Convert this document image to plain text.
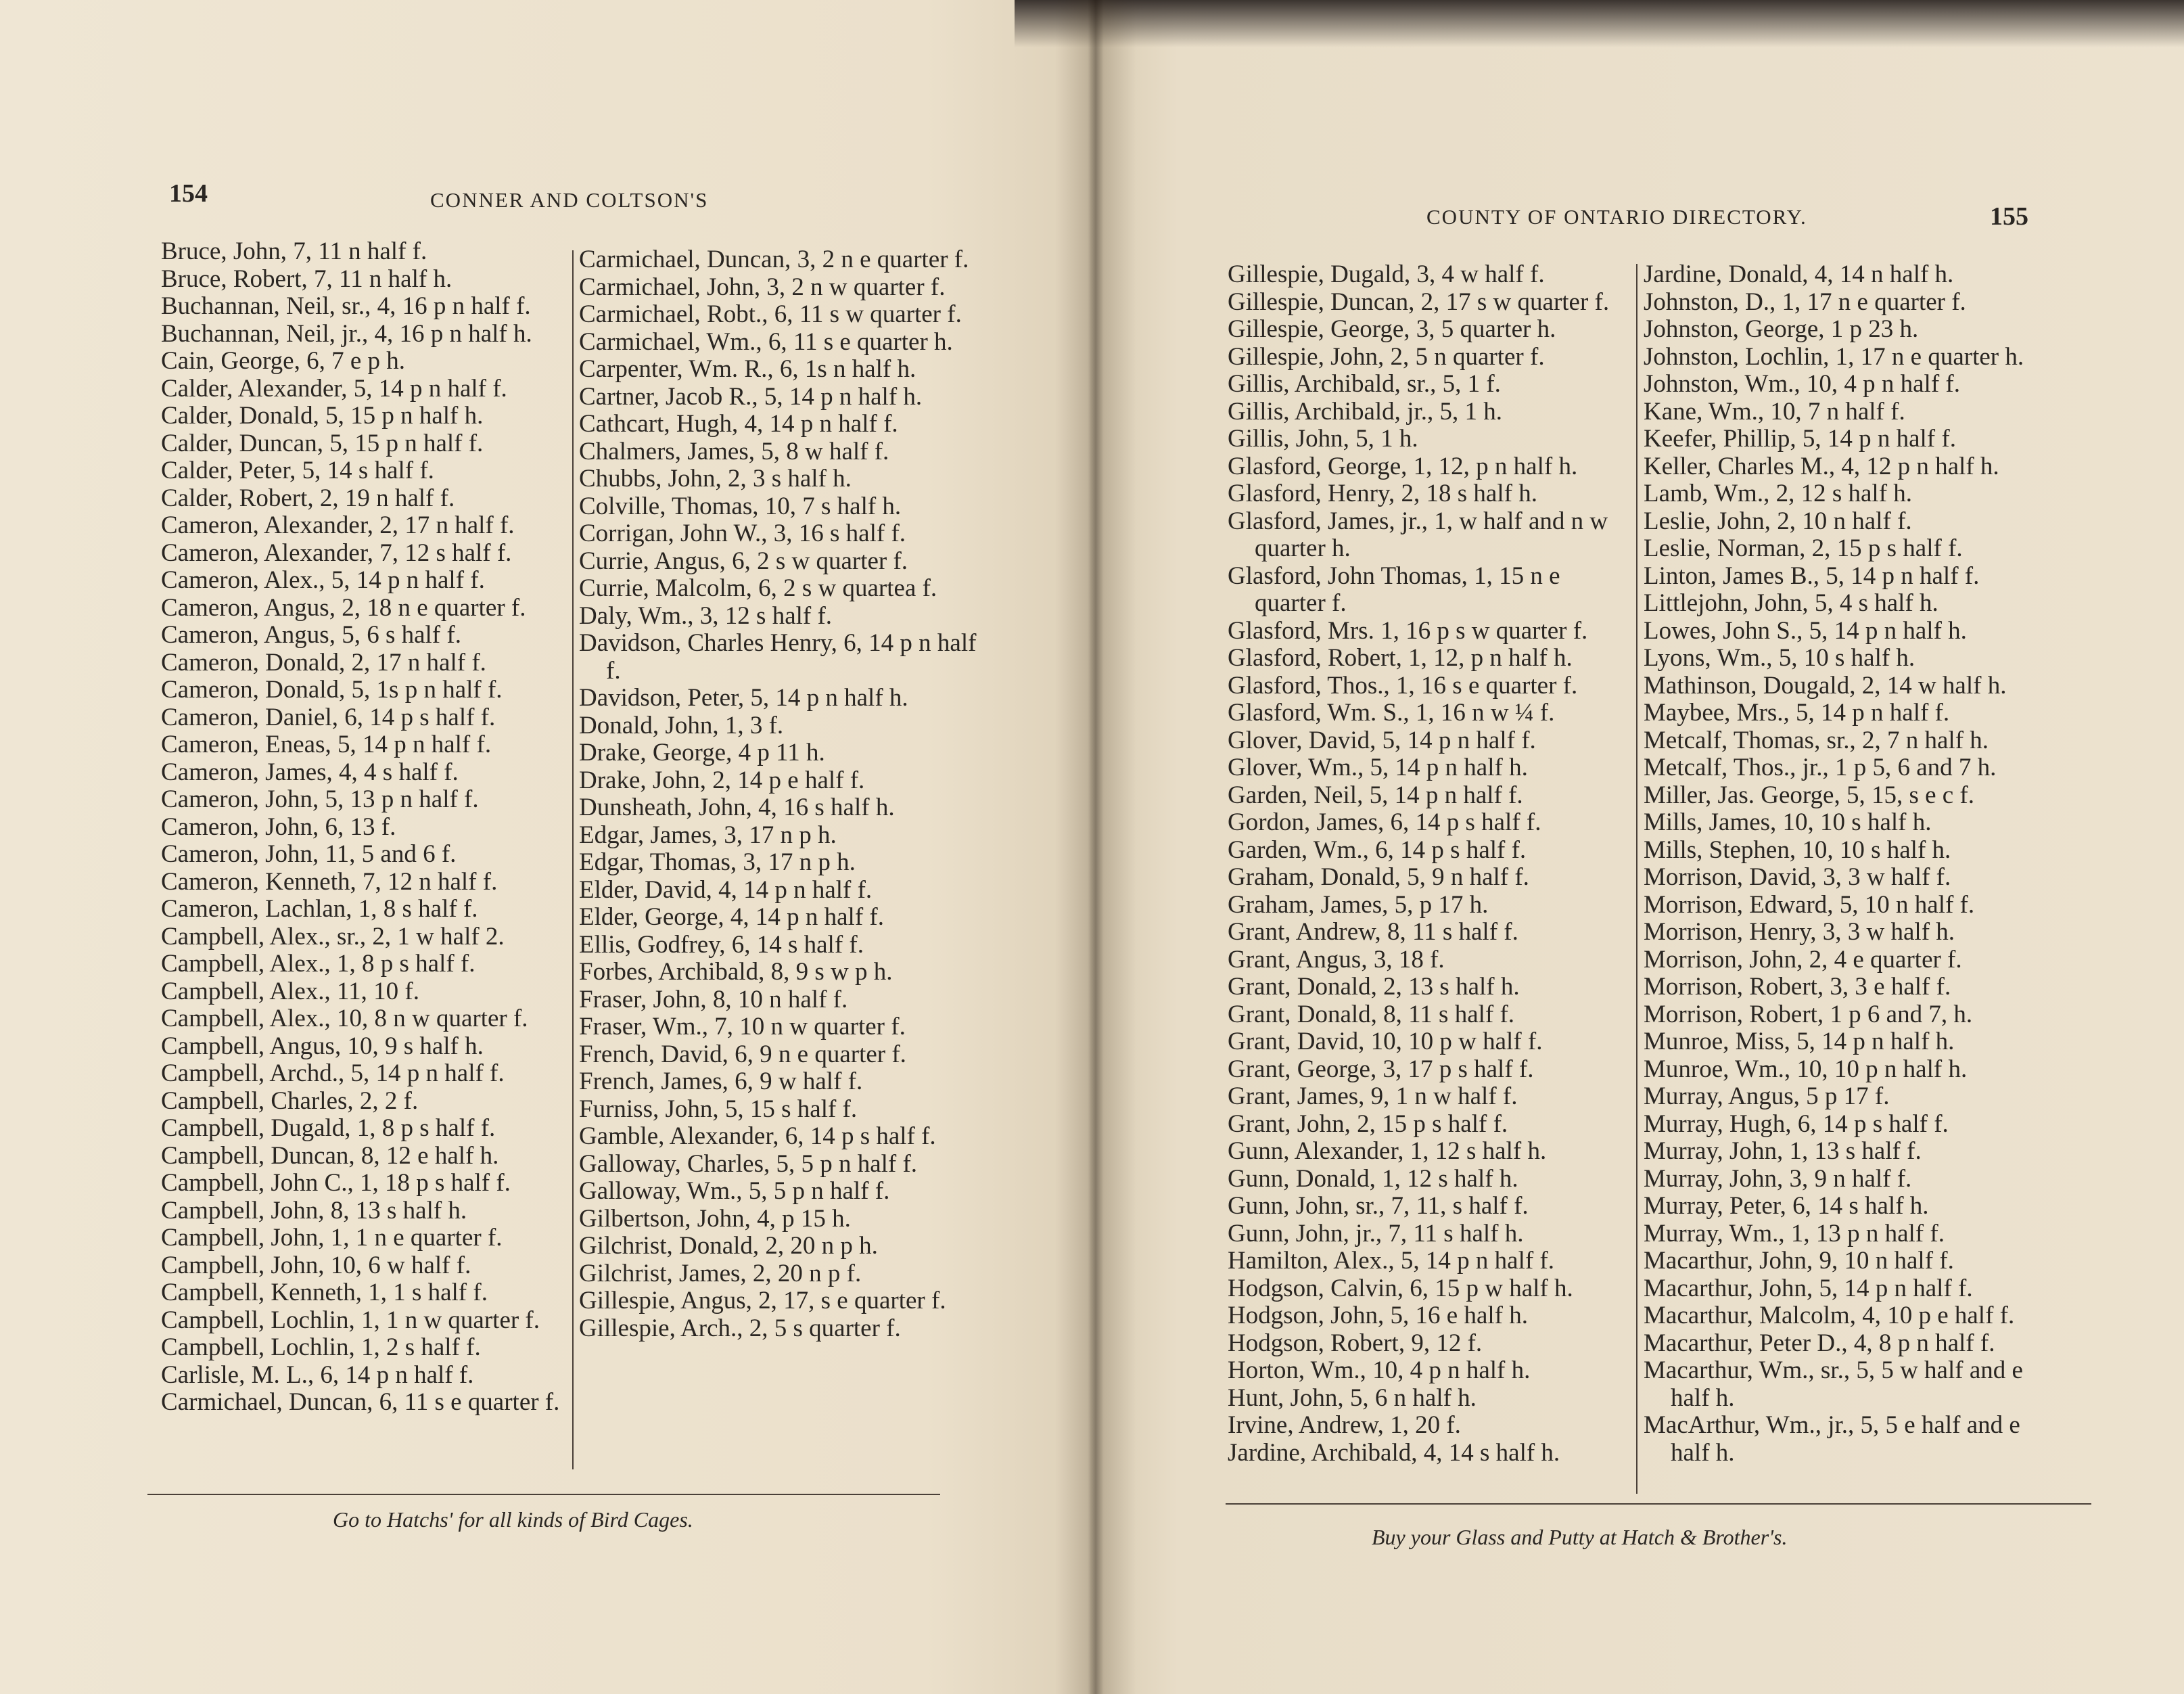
154	CONNER AND COLTSON'S
Bruce, John, 7, 11 n half f.
Bruce, Robert, 7, 11 n half h.
Buchannan, Neil, sr., 4, 16 p n half f.
Buchannan, Neil, jr., 4, 16 p n half h.
Cain, George, 6, 7 e p h.
Calder, Alexander, 5, 14 p n half f.
Calder, Donald, 5, 15 p n half h.
Calder, Duncan, 5, 15 p n half f.
Calder, Peter, 5, 14 s half f.
Calder, Robert, 2, 19 n half f.
Cameron, Alexander, 2, 17 n half f.
Cameron, Alexander, 7, 12 s half f.
Cameron, Alex., 5, 14 p n half f.
Cameron, Angus, 2, 18 n e quarter f.
Cameron, Angus, 5, 6 s half f.
Cameron, Donald, 2, 17 n half f.
Cameron, Donald, 5, 1s p n half f.
Cameron, Daniel, 6, 14 p s half f.
Cameron, Eneas, 5, 14 p n half f.
Cameron, James, 4, 4 s half f.
Cameron, John, 5, 13 p n half f.
Cameron, John, 6, 13 f.
Cameron, John, 11, 5 and 6 f.
Cameron, Kenneth, 7, 12 n half f.
Cameron, Lachlan, 1, 8 s half f.
Campbell, Alex., sr., 2, 1 w half 2.
Campbell, Alex., 1, 8 p s half f.
Campbell, Alex., 11, 10 f.
Campbell, Alex., 10, 8 n w quarter f.
Campbell, Angus, 10, 9 s half h.
Campbell, Archd., 5, 14 p n half f.
Campbell, Charles, 2, 2 f.
Campbell, Dugald, 1, 8 p s half f.
Campbell, Duncan, 8, 12 e half h.
Campbell, John C., 1, 18 p s half f.
Campbell, John, 8, 13 s half h.
Campbell, John, 1, 1 n e quarter f.
Campbell, John, 10, 6 w half f.
Campbell, Kenneth, 1, 1 s half f.
Campbell, Lochlin, 1, 1 n w quarter f.
Campbell, Lochlin, 1, 2 s half f.
Carlisle, M. L., 6, 14 p n half f.
Carmichael, Duncan, 6, 11 s e quarter f.
Carmichael, Duncan, 3, 2 n e quarter f.
Carmichael, John, 3, 2 n w quarter f.
Carmichael, Robt., 6, 11 s w quarter f.
Carmichael, Wm., 6, 11 s e quarter h.
Carpenter, Wm. R., 6, 1s n half h.
Cartner, Jacob R., 5, 14 p n half h.
Cathcart, Hugh, 4, 14 p n half f.
Chalmers, James, 5, 8 w half f.
Chubbs, John, 2, 3 s half h.
Colville, Thomas, 10, 7 s half h.
Corrigan, John W., 3, 16 s half f.
Currie, Angus, 6, 2 s w quarter f.
Currie, Malcolm, 6, 2 s w quartea f.
Daly, Wm., 3, 12 s half f.
Davidson, Charles Henry, 6, 14 p n half f.
Davidson, Peter, 5, 14 p n half h.
Donald, John, 1, 3 f.
Drake, George, 4 p 11 h.
Drake, John, 2, 14 p e half f.
Dunsheath, John, 4, 16 s half h.
Edgar, James, 3, 17 n p h.
Edgar, Thomas, 3, 17 n p h.
Elder, David, 4, 14 p n half f.
Elder, George, 4, 14 p n half f.
Ellis, Godfrey, 6, 14 s half f.
Forbes, Archibald, 8, 9 s w p h.
Fraser, John, 8, 10 n half f.
Fraser, Wm., 7, 10 n w quarter f.
French, David, 6, 9 n e quarter f.
French, James, 6, 9 w half f.
Furniss, John, 5, 15 s half f.
Gamble, Alexander, 6, 14 p s half f.
Galloway, Charles, 5, 5 p n half f.
Galloway, Wm., 5, 5 p n half f.
Gilbertson, John, 4, p 15 h.
Gilchrist, Donald, 2, 20 n p h.
Gilchrist, James, 2, 20 n p f.
Gillespie, Angus, 2, 17, s e quarter f.
Gillespie, Arch., 2, 5 s quarter f.
Go to Hatchs' for all kinds of Bird Cages.
COUNTY OF ONTARIO DIRECTORY.	155
Gillespie, Dugald, 3, 4 w half f.
Gillespie, Duncan, 2, 17 s w quarter f.
Gillespie, George, 3, 5 quarter h.
Gillespie, John, 2, 5 n quarter f.
Gillis, Archibald, sr., 5, 1 f.
Gillis, Archibald, jr., 5, 1 h.
Gillis, John, 5, 1 h.
Glasford, George, 1, 12, p n half h.
Glasford, Henry, 2, 18 s half h.
Glasford, James, jr., 1, w half and n w quarter h.
Glasford, John Thomas, 1, 15 n e quarter f.
Glasford, Mrs. 1, 16 p s w quarter f.
Glasford, Robert, 1, 12, p n half h.
Glasford, Thos., 1, 16 s e quarter f.
Glasford, Wm. S., 1, 16 n w ¼ f.
Glover, David, 5, 14 p n half f.
Glover, Wm., 5, 14 p n half h.
Garden, Neil, 5, 14 p n half f.
Gordon, James, 6, 14 p s half f.
Garden, Wm., 6, 14 p s half f.
Graham, Donald, 5, 9 n half f.
Graham, James, 5, p 17 h.
Grant, Andrew, 8, 11 s half f.
Grant, Angus, 3, 18 f.
Grant, Donald, 2, 13 s half h.
Grant, Donald, 8, 11 s half f.
Grant, David, 10, 10 p w half f.
Grant, George, 3, 17 p s half f.
Grant, James, 9, 1 n w half f.
Grant, John, 2, 15 p s half f.
Gunn, Alexander, 1, 12 s half h.
Gunn, Donald, 1, 12 s half h.
Gunn, John, sr., 7, 11, s half f.
Gunn, John, jr., 7, 11 s half h.
Hamilton, Alex., 5, 14 p n half f.
Hodgson, Calvin, 6, 15 p w half h.
Hodgson, John, 5, 16 e half h.
Hodgson, Robert, 9, 12 f.
Horton, Wm., 10, 4 p n half h.
Hunt, John, 5, 6 n half h.
Irvine, Andrew, 1, 20 f.
Jardine, Archibald, 4, 14 s half h.
Jardine, Donald, 4, 14 n half h.
Johnston, D., 1, 17 n e quarter f.
Johnston, George, 1 p 23 h.
Johnston, Lochlin, 1, 17 n e quarter h.
Johnston, Wm., 10, 4 p n half f.
Kane, Wm., 10, 7 n half f.
Keefer, Phillip, 5, 14 p n half f.
Keller, Charles M., 4, 12 p n half h.
Lamb, Wm., 2, 12 s half h.
Leslie, John, 2, 10 n half f.
Leslie, Norman, 2, 15 p s half f.
Linton, James B., 5, 14 p n half f.
Littlejohn, John, 5, 4 s half h.
Lowes, John S., 5, 14 p n half h.
Lyons, Wm., 5, 10 s half h.
Mathinson, Dougald, 2, 14 w half h.
Maybee, Mrs., 5, 14 p n half f.
Metcalf, Thomas, sr., 2, 7 n half h.
Metcalf, Thos., jr., 1 p 5, 6 and 7 h.
Miller, Jas. George, 5, 15, s e c f.
Mills, James, 10, 10 s half h.
Mills, Stephen, 10, 10 s half h.
Morrison, David, 3, 3 w half f.
Morrison, Edward, 5, 10 n half f.
Morrison, Henry, 3, 3 w half h.
Morrison, John, 2, 4 e quarter f.
Morrison, Robert, 3, 3 e half f.
Morrison, Robert, 1 p 6 and 7, h.
Munroe, Miss, 5, 14 p n half h.
Munroe, Wm., 10, 10 p n half h.
Murray, Angus, 5 p 17 f.
Murray, Hugh, 6, 14 p s half f.
Murray, John, 1, 13 s half f.
Murray, John, 3, 9 n half f.
Murray, Peter, 6, 14 s half h.
Murray, Wm., 1, 13 p n half f.
Macarthur, John, 9, 10 n half f.
Macarthur, John, 5, 14 p n half f.
Macarthur, Malcolm, 4, 10 p e half f.
Macarthur, Peter D., 4, 8 p n half f.
Macarthur, Wm., sr., 5, 5 w half and e half h.
MacArthur, Wm., jr., 5, 5 e half and e half h.
Buy your Glass and Putty at Hatch & Brother's.
